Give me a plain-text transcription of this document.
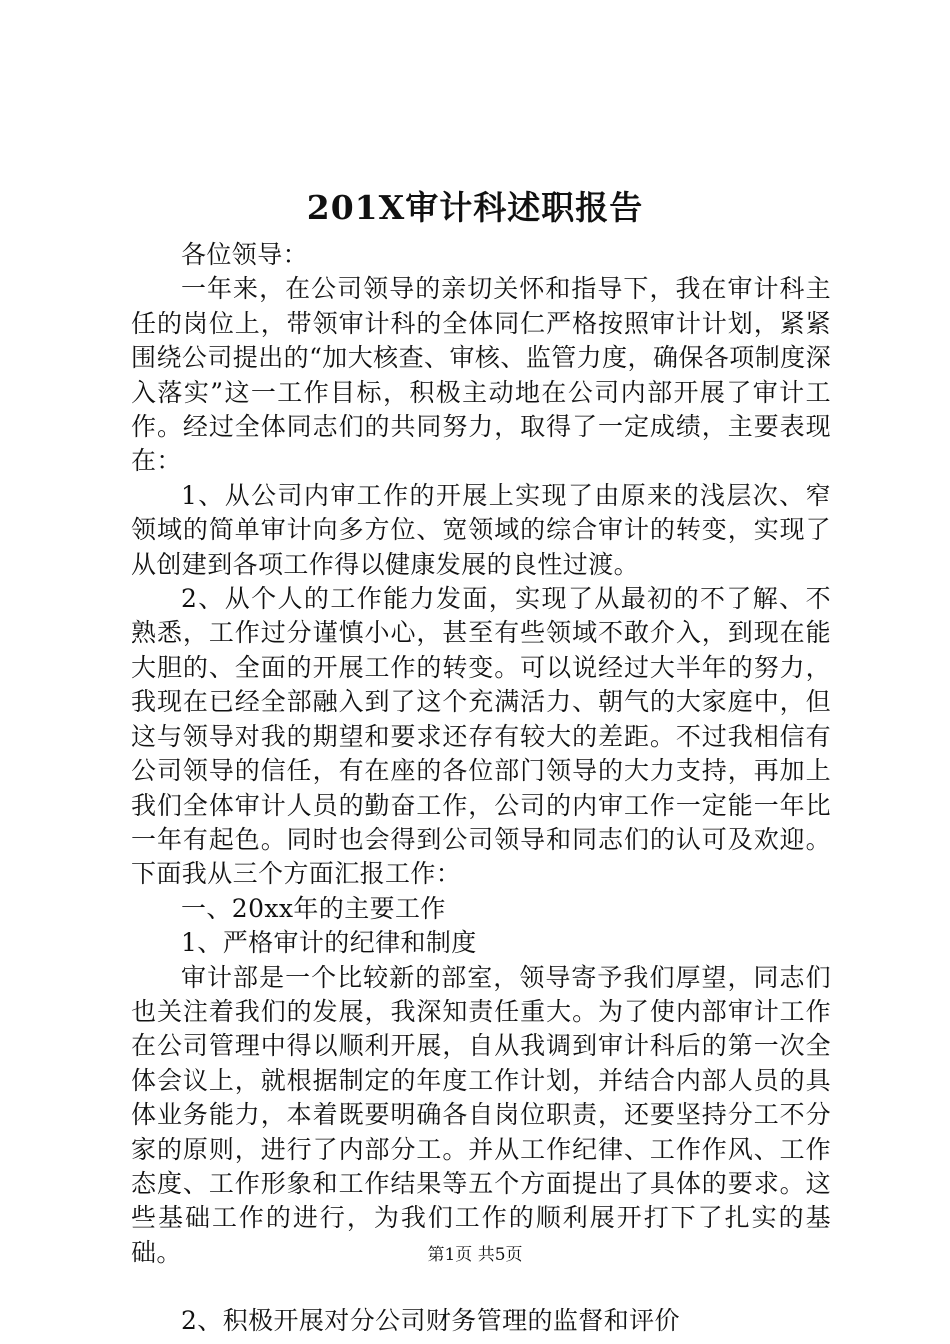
201X审计科述职报告

各位领导：

一年来，在公司领导的亲切关怀和指导下，我在审计科主任的岗位上，带领审计科的全体同仁严格按照审计计划，紧紧围绕公司提出的“加大核查、审核、监管力度，确保各项制度深入落实”这一工作目标，积极主动地在公司内部开展了审计工作。经过全体同志们的共同努力，取得了一定成绩，主要表现在：

1、从公司内审工作的开展上实现了由原来的浅层次、窄领域的简单审计向多方位、宽领域的综合审计的转变，实现了从创建到各项工作得以健康发展的良性过渡。

2、从个人的工作能力发面，实现了从最初的不了解、不熟悉，工作过分谨慎小心，甚至有些领域不敢介入，到现在能大胆的、全面的开展工作的转变。可以说经过大半年的努力，我现在已经全部融入到了这个充满活力、朝气的大家庭中，但这与领导对我的期望和要求还存有较大的差距。不过我相信有公司领导的信任，有在座的各位部门领导的大力支持，再加上我们全体审计人员的勤奋工作，公司的内审工作一定能一年比一年有起色。同时也会得到公司领导和同志们的认可及欢迎。下面我从三个方面汇报工作：

一、20xx年的主要工作

1、严格审计的纪律和制度

审计部是一个比较新的部室，领导寄予我们厚望，同志们也关注着我们的发展，我深知责任重大。为了使内部审计工作在公司管理中得以顺利开展，自从我调到审计科后的第一次全体会议上，就根据制定的年度工作计划，并结合内部人员的具体业务能力，本着既要明确各自岗位职责，还要坚持分工不分家的原则，进行了内部分工。并从工作纪律、工作作风、工作态度、工作形象和工作结果等五个方面提出了具体的要求。这些基础工作的进行，为我们工作的顺利展开打下了扎实的基础。

2、积极开展对分公司财务管理的监督和评价

第1页 共5页
